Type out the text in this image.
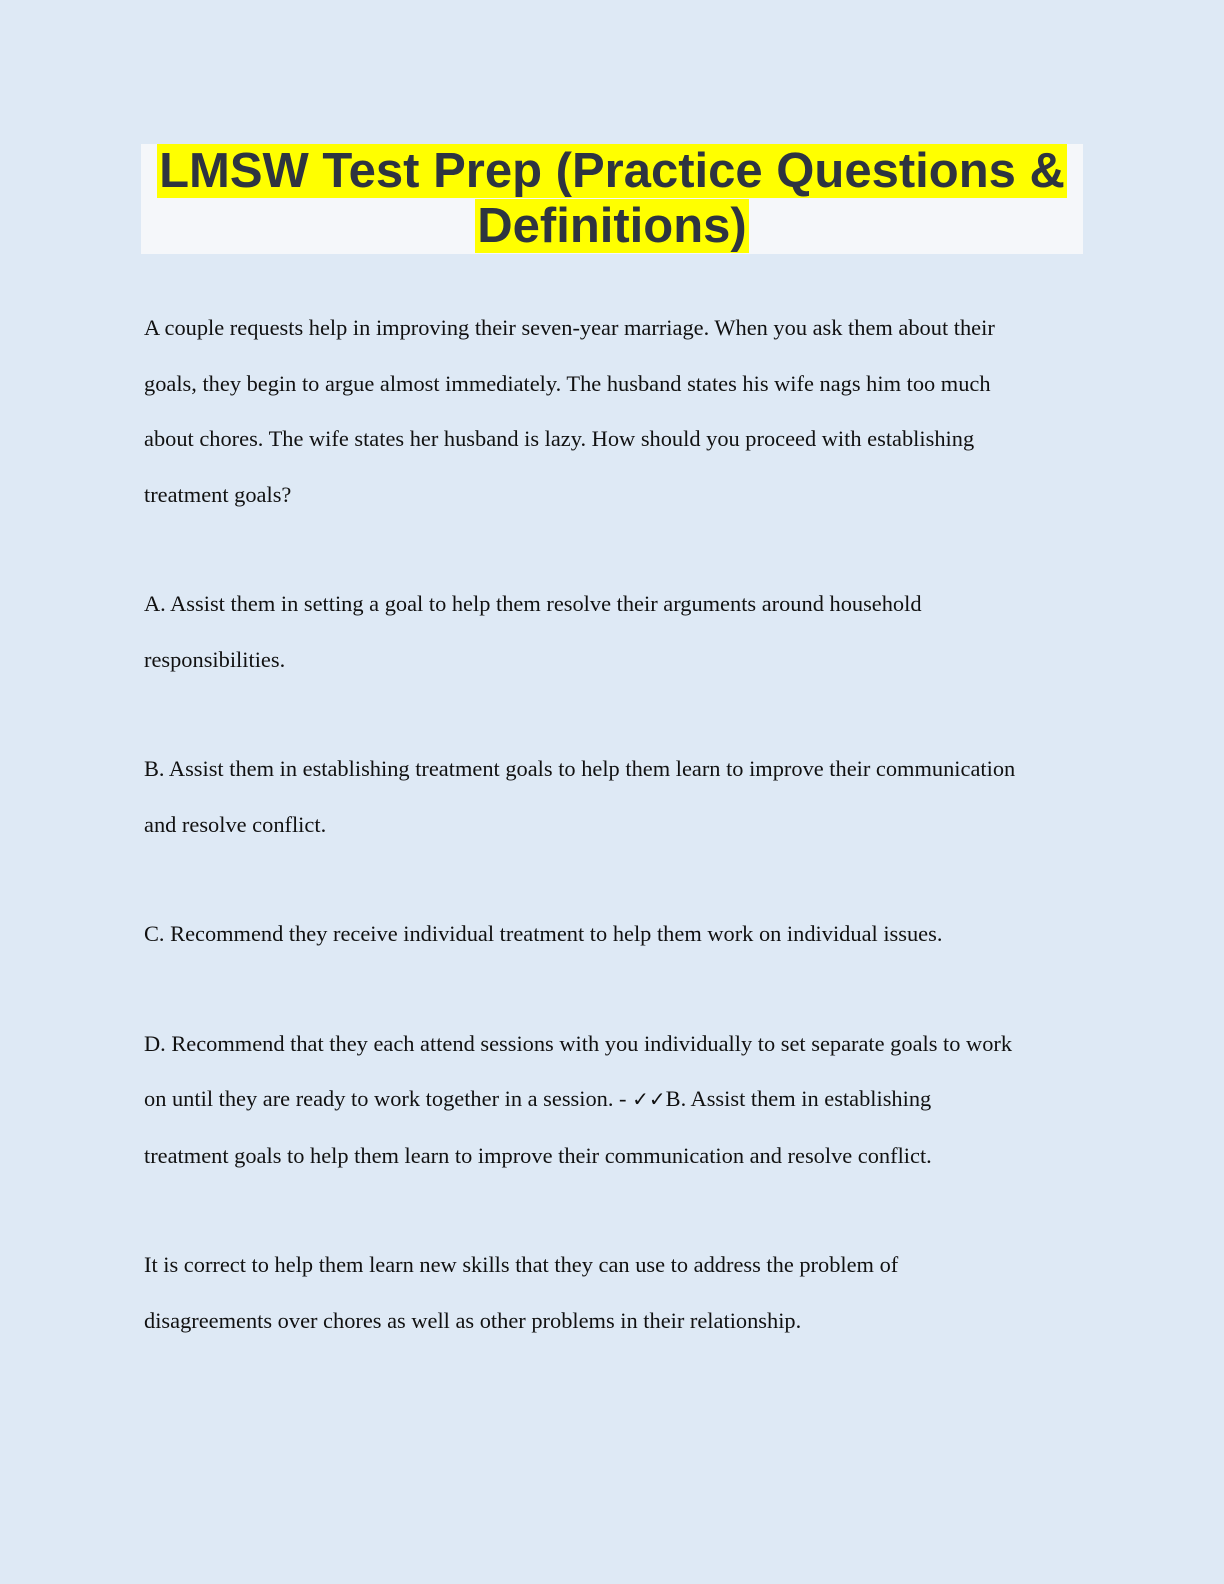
LMSW Test Prep (Practice Questions &
Definitions)
A couple requests help in improving their seven-year marriage. When you ask them about their
goals, they begin to argue almost immediately. The husband states his wife nags him too much
about chores. The wife states her husband is lazy. How should you proceed with establishing
treatment goals?
A. Assist them in setting a goal to help them resolve their arguments around household
responsibilities.
B. Assist them in establishing treatment goals to help them learn to improve their communication
and resolve conflict.
C. Recommend they receive individual treatment to help them work on individual issues.
D. Recommend that they each attend sessions with you individually to set separate goals to work
on until they are ready to work together in a session. - ✓✓B. Assist them in establishing
treatment goals to help them learn to improve their communication and resolve conflict.
It is correct to help them learn new skills that they can use to address the problem of
disagreements over chores as well as other problems in their relationship.
